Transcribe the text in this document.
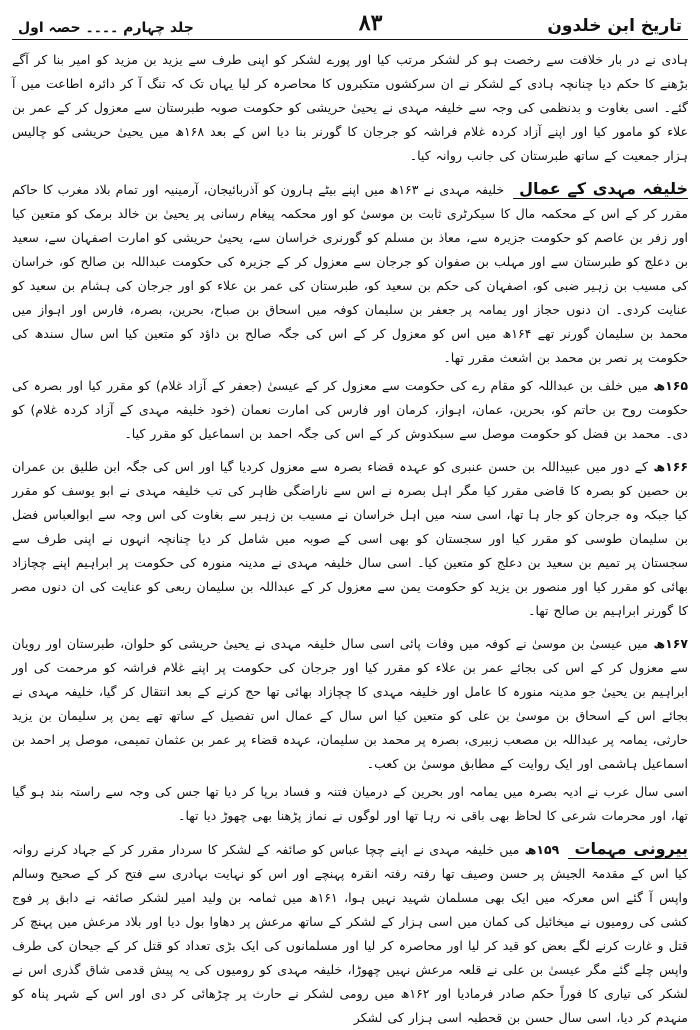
تاریخ ابن خلدون
۸۳
جلد چہارم ۔۔۔۔ حصہ اول

ہادی نے در بار خلافت سے رخصت ہو کر لشکر مرتب کیا اور پورے لشکر کو اپنی طرف سے یزید بن مزید کو امیر بنا کر آگے بڑھنے کا حکم دیا چنانچہ ہادی کے لشکر نے ان سرکشوں متکبروں کا محاصرہ کر لیا یہاں تک کہ تنگ آ کر دائرہ اطاعت میں آ گئے۔ اسی بغاوت و بدنظمی کی وجہ سے خلیفہ مہدی نے یحییٰ حریشی کو حکومت صوبہ طبرستان سے معزول کر کے عمر بن علاء کو مامور کیا اور اپنے آزاد کردہ غلام فراشہ کو جرجان کا گورنر بنا دیا اس کے بعد ۱۶۸ھ میں یحییٰ حریشی کو چالیس ہزار جمعیت کے ساتھ طبرستان کی جانب روانہ کیا۔

خلیفہ مہدی کے عمال خلیفہ مہدی نے ۱۶۳ھ میں اپنے بیٹے ہارون کو آذربائیجان، آرمینیہ اور تمام بلاد مغرب کا حاکم مقرر کر کے اس کے محکمہ مال کا سیکرٹری ثابت بن موسیٰ کو اور محکمہ پیغام رسانی پر یحییٰ بن خالد برمک کو متعین کیا اور زفر بن عاصم کو حکومت جزیرہ سے، معاذ بن مسلم کو گورنری خراسان سے، یحییٰ حریشی کو امارت اصفہان سے، سعید بن دعلج کو طبرستان سے اور مہلب بن صفوان کو جرجان سے معزول کر کے جزیرہ کی حکومت عبداللہ بن صالح کو، خراسان کی مسیب بن زہیر ضبی کو، اصفہان کی حکم بن سعید کو، طبرستان کی عمر بن علاء کو اور جرجان کی ہشام بن سعید کو عنایت کردی۔ ان دنوں حجاز اور یمامہ پر جعفر بن سلیمان کوفہ میں اسحاق بن صباح، بحرین، بصرہ، فارس اور اہواز میں محمد بن سلیمان گورنر تھے ۱۶۴ھ میں اس کو معزول کر کے اس کی جگہ صالح بن داؤد کو متعین کیا اس سال سندھ کی حکومت پر نصر بن محمد بن اشعث مقرر تھا۔

۱۶۵ھ میں خلف بن عبداللہ کو مقام رے کی حکومت سے معزول کر کے عیسیٰ (جعفر کے آزاد غلام) کو مقرر کیا اور بصرہ کی حکومت روح بن حاتم کو، بحرین، عمان، اہواز، کرمان اور فارس کی امارت نعمان (خود خلیفہ مہدی کے آزاد کردہ غلام) کو دی۔ محمد بن فضل کو حکومت موصل سے سبکدوش کر کے اس کی جگہ احمد بن اسماعیل کو مقرر کیا۔

۱۶۶ھ کے دور میں عبیداللہ بن حسن عنبری کو عہدہ قضاء بصرہ سے معزول کردیا گیا اور اس کی جگہ ابن طلیق بن عمران بن حصین کو بصرہ کا قاضی مقرر کیا مگر اہل بصرہ نے اس سے ناراضگی ظاہر کی تب خلیفہ مہدی نے ابو یوسف کو مقرر کیا جبکہ وہ جرجان کو جار ہا تھا، اسی سنہ میں اہل خراسان نے مسیب بن زہیر سے بغاوت کی اس وجہ سے ابوالعباس فضل بن سلیمان طوسی کو مقرر کیا اور سجستان کو بھی اسی کے صوبہ میں شامل کر دیا چنانچہ انہوں نے اپنی طرف سے سجستان پر تمیم بن سعید بن دعلج کو متعین کیا۔ اسی سال خلیفہ مہدی نے مدینہ منورہ کی حکومت پر ابراہیم اپنے چچازاد بھائی کو مقرر کیا اور منصور بن یزید کو حکومت یمن سے معزول کر کے عبداللہ بن سلیمان ربعی کو عنایت کی ان دنوں مصر کا گورنر ابراہیم بن صالح تھا۔

۱۶۷ھ میں عیسیٰ بن موسیٰ نے کوفہ میں وفات پائی اسی سال خلیفہ مہدی نے یحییٰ حریشی کو حلوان، طبرستان اور رویان سے معزول کر کے اس کی بجائے عمر بن علاء کو مقرر کیا اور جرجان کی حکومت پر اپنے غلام فراشہ کو مرحمت کی اور ابراہیم بن یحییٰ جو مدینہ منورہ کا عامل اور خلیفہ مہدی کا چچازاد بھائی تھا حج کرنے کے بعد انتقال کر گیا، خلیفہ مہدی نے بجائے اس کے اسحاق بن موسیٰ بن علی کو متعین کیا اس سال کے عمال اس تفصیل کے ساتھ تھے یمن پر سلیمان بن یزید حارثی، یمامہ پر عبداللہ بن مصعب زبیری، بصرہ پر محمد بن سلیمان، عہدہ قضاء پر عمر بن عثمان تمیمی، موصل پر احمد بن اسماعیل ہاشمی اور ایک روایت کے مطابق موسیٰ بن کعب۔

اسی سال عرب نے ادیہ بصرہ میں یمامہ اور بحرین کے درمیان فتنہ و فساد برپا کر دیا تھا جس کی وجہ سے راستہ بند ہو گیا تھا، اور محرمات شرعی کا لحاظ بھی باقی نہ رہا تھا اور لوگوں نے نماز پڑھنا بھی چھوڑ دیا تھا۔

بیرونی مہمات ۱۵۹ھ میں خلیفہ مہدی نے اپنے چچا عباس کو صائفہ کے لشکر کا سردار مقرر کر کے جہاد کرنے روانہ کیا اس کے مقدمۃ الجیش پر حسن وصیف تھا رفتہ رفتہ انقرہ پہنچے اور اس کو نہایت بہادری سے فتح کر کے صحیح وسالم واپس آ گئے اس معرکہ میں ایک بھی مسلمان شہید نہیں ہوا، ۱۶۱ھ میں ثمامہ بن ولید امیر لشکر صائفہ نے دابق پر فوج کشی کی رومیوں نے میخائیل کی کمان میں اسی ہزار کے لشکر کے ساتھ مرعش پر دھاوا بول دیا اور بلاد مرعش میں پہنچ کر قتل و غارت کرنے لگے بعض کو قید کر لیا اور محاصرہ کر لیا اور مسلمانوں کی ایک بڑی تعداد کو قتل کر کے جیحان کی طرف واپس چلے گئے مگر عیسیٰ بن علی نے قلعہ مرعش نہیں چھوڑا، خلیفہ مہدی کو رومیوں کی یہ پیش قدمی شاق گذری اس نے لشکر کی تیاری کا فوراً حکم صادر فرمادیا اور ۱۶۲ھ میں رومی لشکر نے حارث پر چڑھائی کر دی اور اس کے شہر پناہ کو منہدم کر دیا، اسی سال حسن بن قحطبہ اسی ہزار کی لشکر
